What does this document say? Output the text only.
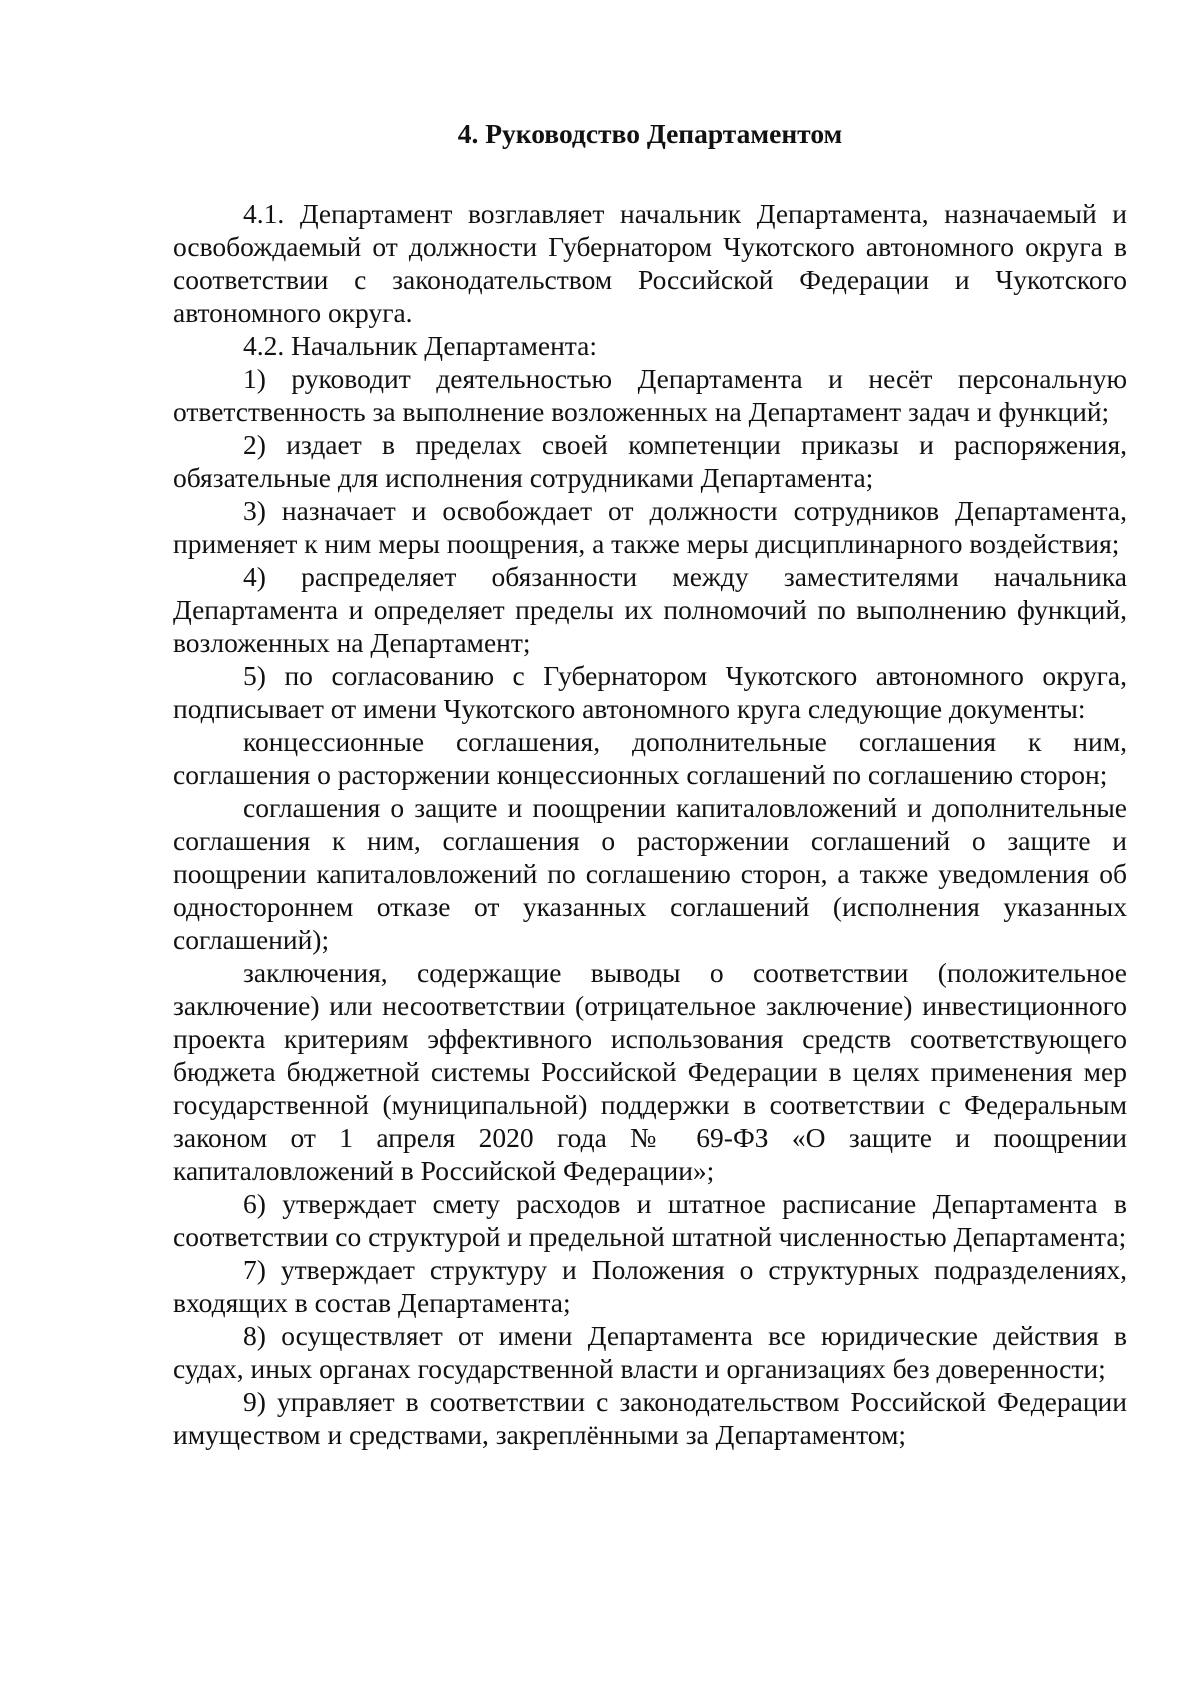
4. Руководство Департаментом

4.1. Департамент возглавляет начальник Департамента, назначаемый и освобождаемый от должности Губернатором Чукотского автономного округа в соответствии с законодательством Российской Федерации и Чукотского автономного округа.

4.2. Начальник Департамента:

1) руководит деятельностью Департамента и несёт персональную ответственность за выполнение возложенных на Департамент задач и функций;

2) издает в пределах своей компетенции приказы и распоряжения, обязательные для исполнения сотрудниками Департамента;

3) назначает и освобождает от должности сотрудников Департамента, применяет к ним меры поощрения, а также меры дисциплинарного воздействия;

4) распределяет обязанности между заместителями начальника Департамента и определяет пределы их полномочий по выполнению функций, возложенных на Департамент;

5) по согласованию с Губернатором Чукотского автономного округа, подписывает от имени Чукотского автономного круга следующие документы:

концессионные соглашения, дополнительные соглашения к ним, соглашения о расторжении концессионных соглашений по соглашению сторон;

соглашения о защите и поощрении капиталовложений и дополнительные соглашения к ним, соглашения о расторжении соглашений о защите и поощрении капиталовложений по соглашению сторон, а также уведомления об одностороннем отказе от указанных соглашений (исполнения указанных соглашений);

заключения, содержащие выводы о соответствии (положительное заключение) или несоответствии (отрицательное заключение) инвестиционного проекта критериям эффективного использования средств соответствующего бюджета бюджетной системы Российской Федерации в целях применения мер государственной (муниципальной) поддержки в соответствии с Федеральным законом от 1 апреля 2020 года № 69-ФЗ «О защите и поощрении капиталовложений в Российской Федерации»;

6) утверждает смету расходов и штатное расписание Департамента в соответствии со структурой и предельной штатной численностью Департамента;

7) утверждает структуру и Положения о структурных подразделениях, входящих в состав Департамента;

8) осуществляет от имени Департамента все юридические действия в судах, иных органах государственной власти и организациях без доверенности;

9) управляет в соответствии с законодательством Российской Федерации имуществом и средствами, закреплёнными за Департаментом;
